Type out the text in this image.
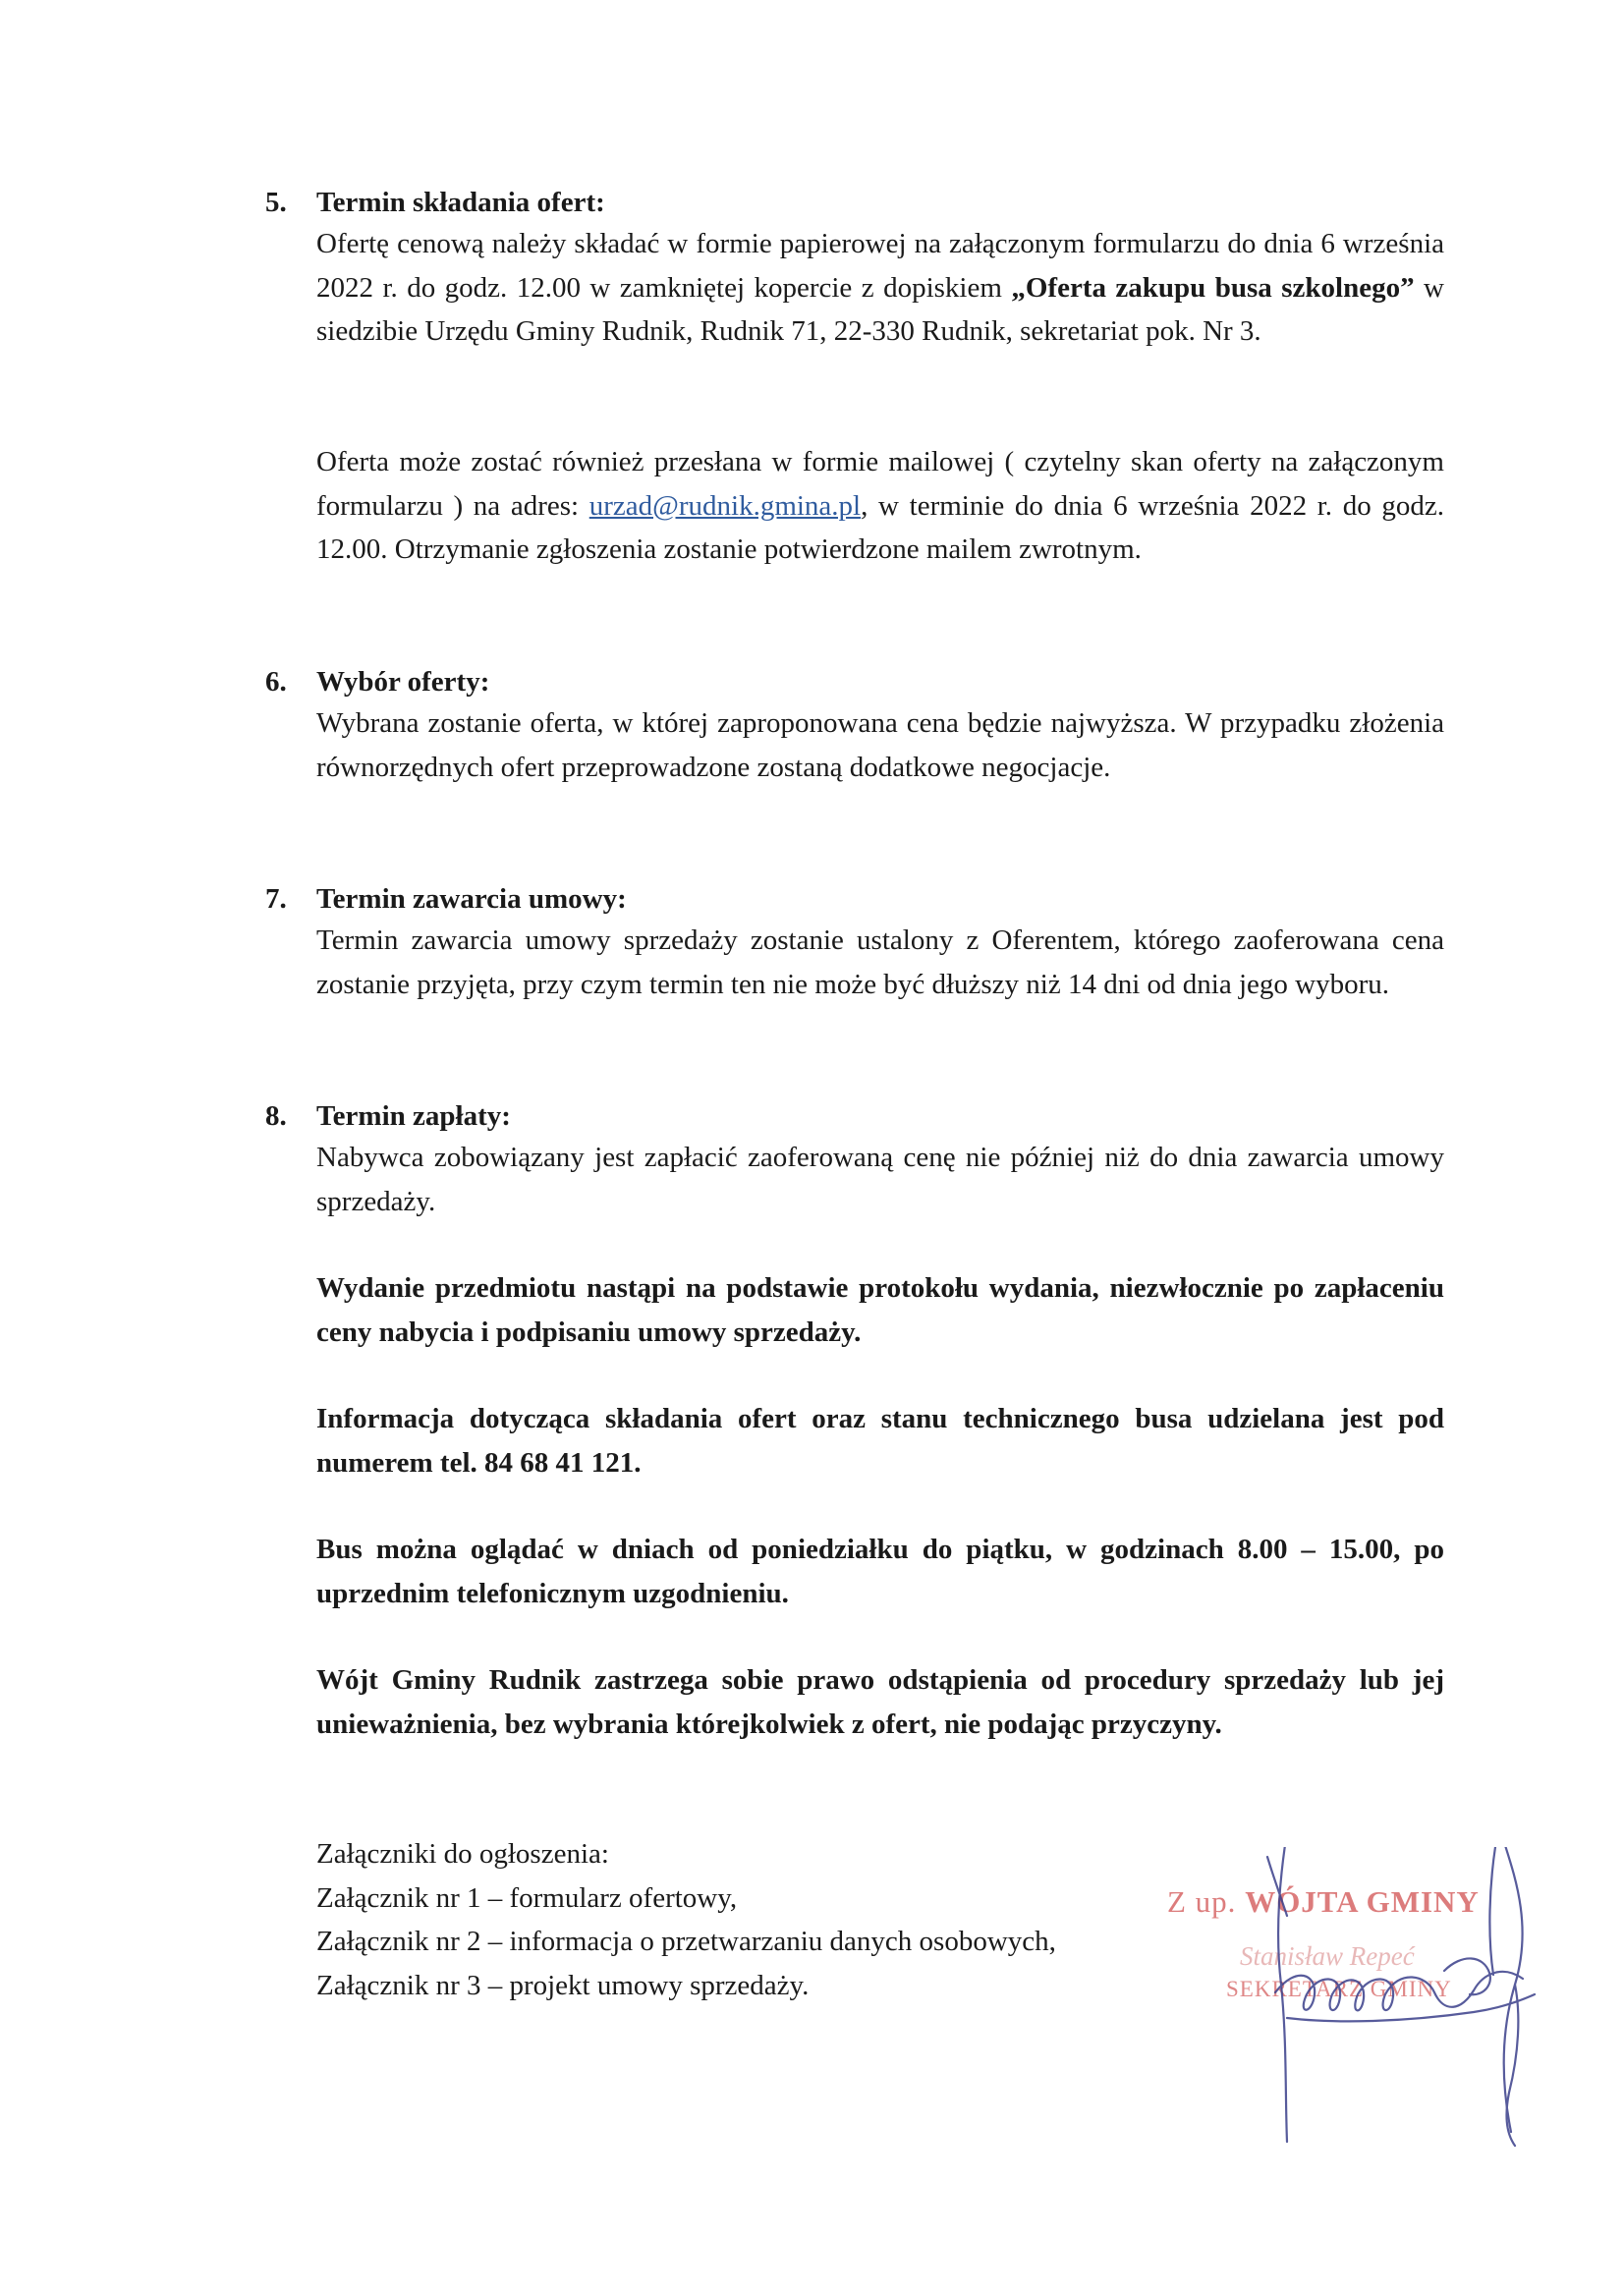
5. Termin składania ofert:

Ofertę cenową należy składać w formie papierowej na załączonym formularzu do dnia 6 września 2022 r. do godz. 12.00 w zamkniętej kopercie z dopiskiem „Oferta zakupu busa szkolnego” w siedzibie Urzędu Gminy Rudnik, Rudnik 71, 22-330 Rudnik, sekretariat pok. Nr 3.

Oferta może zostać również przesłana w formie mailowej ( czytelny skan oferty na załączonym formularzu ) na adres: urzad@rudnik.gmina.pl, w terminie do dnia 6 września 2022 r. do godz. 12.00. Otrzymanie zgłoszenia zostanie potwierdzone mailem zwrotnym.

6. Wybór oferty:

Wybrana zostanie oferta, w której zaproponowana cena będzie najwyższa. W przypadku złożenia równorzędnych ofert przeprowadzone zostaną dodatkowe negocjacje.

7. Termin zawarcia umowy:

Termin zawarcia umowy sprzedaży zostanie ustalony z Oferentem, którego zaoferowana cena zostanie przyjęta, przy czym termin ten nie może być dłuższy niż 14 dni od dnia jego wyboru.

8. Termin zapłaty:

Nabywca zobowiązany jest zapłacić zaoferowaną cenę nie później niż do dnia zawarcia umowy sprzedaży.

Wydanie przedmiotu nastąpi na podstawie protokołu wydania, niezwłocznie po zapłaceniu ceny nabycia i podpisaniu umowy sprzedaży.

Informacja dotycząca składania ofert oraz stanu technicznego busa udzielana jest pod numerem tel. 84 68 41 121.

Bus można oglądać w dniach od poniedziałku do piątku, w godzinach 8.00 – 15.00, po uprzednim telefonicznym uzgodnieniu.

Wójt Gminy Rudnik zastrzega sobie prawo odstąpienia od procedury sprzedaży lub jej unieważnienia, bez wybrania którejkolwiek z ofert, nie podając przyczyny.

Załączniki do ogłoszenia:
Załącznik nr 1 – formularz ofertowy,
Załącznik nr 2 – informacja o przetwarzaniu danych osobowych,
Załącznik nr 3 – projekt umowy sprzedaży.
Z up. WÓJTA GMINY
Stanisław Repeć
SEKRETARZ GMINY
